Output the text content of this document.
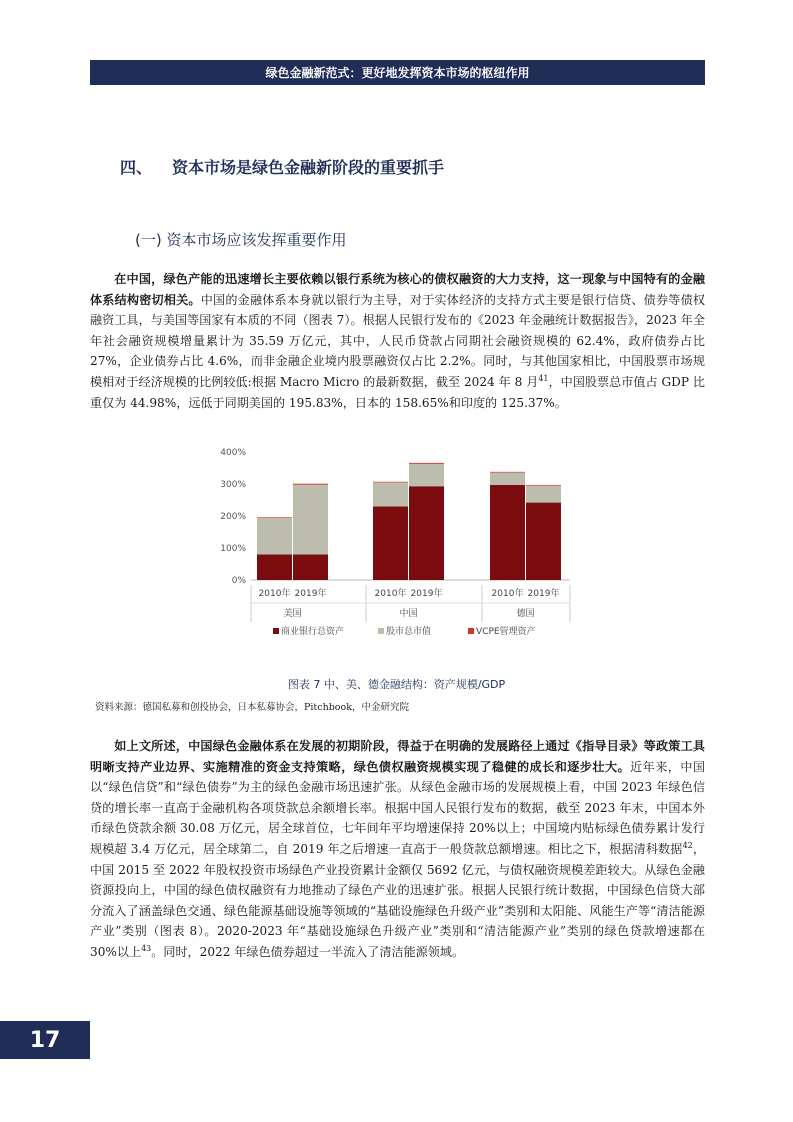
绿色金融新范式：更好地发挥资本市场的枢纽作用
四、 资本市场是绿色金融新阶段的重要抓手
(一) 资本市场应该发挥重要作用
在中国，绿色产能的迅速增长主要依赖以银行系统为核心的债权融资的大力支持，这一现象与中国特有的金融体系结构密切相关。中国的金融体系本身就以银行为主导，对于实体经济的支持方式主要是银行信贷、债券等债权融资工具，与美国等国家有本质的不同（图表 7）。根据人民银行发布的《2023 年金融统计数据报告》，2023 年全年社会融资规模增量累计为 35.59 万亿元，其中，人民币贷款占同期社会融资规模的 62.4%，政府债券占比 27%，企业债券占比 4.6%，而非金融企业境内股票融资仅占比 2.2%。同时，与其他国家相比，中国股票市场规模相对于经济规模的比例较低:根据 Macro Micro 的最新数据，截至 2024 年 8 月$^{41}$，中国股票总市值占 GDP 比重仅为 44.98%，远低于同期美国的 195.83%，日本的 158.65%和印度的 125.37%。
0%
100%
200%
300%
400%
2010年 2019年	2010年 2019年	2010年 2019年
美国	中国	德国
商业银行总资产	股市总市值	VCPE管理资产
图表 7 中、美、德金融结构：资产规模/GDP
资料来源：德国私募和创投协会，日本私募协会，Pitchbook，中金研究院
如上文所述，中国绿色金融体系在发展的初期阶段，得益于在明确的发展路径上通过《指导目录》等政策工具明晰支持产业边界、实施精准的资金支持策略，绿色债权融资规模实现了稳健的成长和逐步壮大。近年来，中国以“绿色信贷”和“绿色债券”为主的绿色金融市场迅速扩张。从绿色金融市场的发展规模上看，中国 2023 年绿色信贷的增长率一直高于金融机构各项贷款总余额增长率。根据中国人民银行发布的数据，截至 2023 年末，中国本外币绿色贷款余额 30.08 万亿元，居全球首位，七年间年平均增速保持 20%以上；中国境内贴标绿色债券累计发行规模超 3.4 万亿元，居全球第二，自 2019 年之后增速一直高于一般贷款总额增速。相比之下，根据清科数据$^{42}$，中国 2015 至 2022 年股权投资市场绿色产业投资累计金额仅 5692 亿元，与债权融资规模差距较大。从绿色金融资源投向上，中国的绿色债权融资有力地推动了绿色产业的迅速扩张。根据人民银行统计数据，中国绿色信贷大部分流入了涵盖绿色交通、绿色能源基础设施等领域的“基础设施绿色升级产业”类别和太阳能、风能生产等“清洁能源产业”类别（图表 8）。2020-2023 年“基础设施绿色升级产业”类别和“清洁能源产业”类别的绿色贷款增速都在 30%以上$^{43}$。同时，2022 年绿色债券超过一半流入了清洁能源领域。
17
